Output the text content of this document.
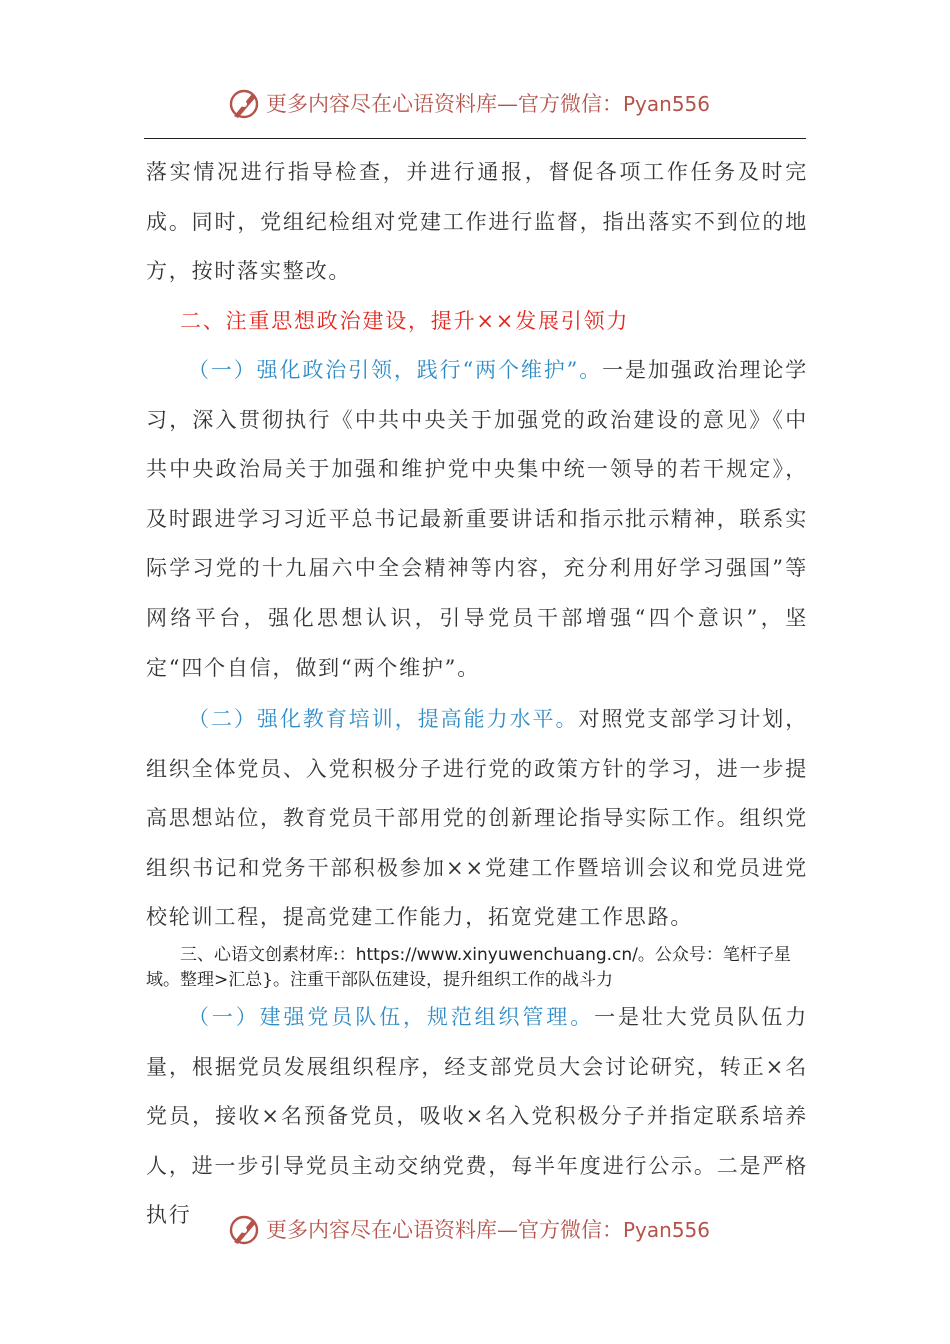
更多内容尽在心语资料库—官方微信：Pyan556

落实情况进行指导检查，并进行通报，督促各项工作任务及时完成。同时，党组纪检组对党建工作进行监督，指出落实不到位的地方，按时落实整改。

二、注重思想政治建设，提升××发展引领力

（一）强化政治引领，践行“两个维护”。一是加强政治理论学习，深入贯彻执行《中共中央关于加强党的政治建设的意见》《中共中央政治局关于加强和维护党中央集中统一领导的若干规定》，及时跟进学习习近平总书记最新重要讲话和指示批示精神，联系实际学习党的十九届六中全会精神等内容，充分利用好学习强国”等网络平台，强化思想认识，引导党员干部增强“四个意识”，坚定“四个自信，做到“两个维护”。

（二）强化教育培训，提高能力水平。对照党支部学习计划，组织全体党员、入党积极分子进行党的政策方针的学习，进一步提高思想站位，教育党员干部用党的创新理论指导实际工作。组织党组织书记和党务干部积极参加××党建工作暨培训会议和党员进党校轮训工程，提高党建工作能力，拓宽党建工作思路。

三、心语文创素材库:：https://www.xinyuwenchuang.cn/。公众号：笔杆子星域。整理>汇总}。注重干部队伍建设，提升组织工作的战斗力

（一）建强党员队伍，规范组织管理。一是壮大党员队伍力量，根据党员发展组织程序，经支部党员大会讨论研究，转正×名党员，接收×名预备党员，吸收×名入党积极分子并指定联系培养人，进一步引导党员主动交纳党费，每半年度进行公示。二是严格执行

更多内容尽在心语资料库—官方微信：Pyan556
